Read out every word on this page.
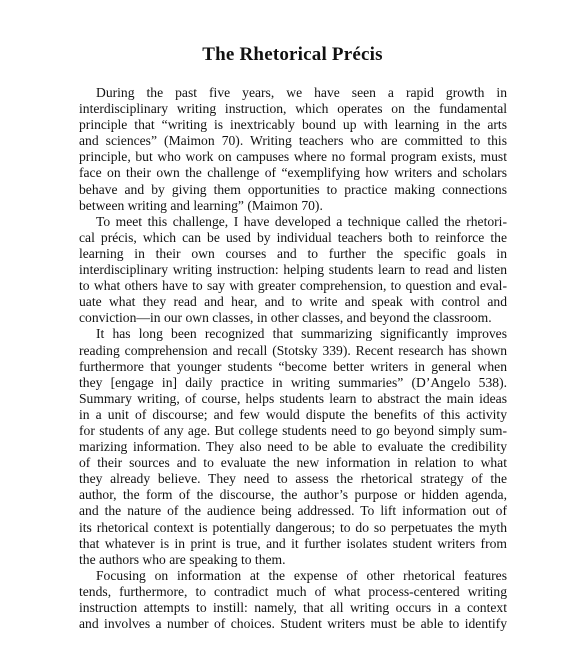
The Rhetorical Précis
During the past five years, we have seen a rapid growth in
interdisciplinary writing instruction, which operates on the fundamental
principle that “writing is inextricably bound up with learning in the arts
and sciences” (Maimon 70). Writing teachers who are committed to this
principle, but who work on campuses where no formal program exists, must
face on their own the challenge of “exemplifying how writers and scholars
behave and by giving them opportunities to practice making connections
between writing and learning” (Maimon 70).
To meet this challenge, I have developed a technique called the rhetori-
cal précis, which can be used by individual teachers both to reinforce the
learning in their own courses and to further the specific goals in
interdisciplinary writing instruction: helping students learn to read and listen
to what others have to say with greater comprehension, to question and eval-
uate what they read and hear, and to write and speak with control and
conviction—in our own classes, in other classes, and beyond the classroom.
It has long been recognized that summarizing significantly improves
reading comprehension and recall (Stotsky 339). Recent research has shown
furthermore that younger students “become better writers in general when
they [engage in] daily practice in writing summaries” (D’Angelo 538).
Summary writing, of course, helps students learn to abstract the main ideas
in a unit of discourse; and few would dispute the benefits of this activity
for students of any age. But college students need to go beyond simply sum-
marizing information. They also need to be able to evaluate the credibility
of their sources and to evaluate the new information in relation to what
they already believe. They need to assess the rhetorical strategy of the
author, the form of the discourse, the author’s purpose or hidden agenda,
and the nature of the audience being addressed. To lift information out of
its rhetorical context is potentially dangerous; to do so perpetuates the myth
that whatever is in print is true, and it further isolates student writers from
the authors who are speaking to them.
Focusing on information at the expense of other rhetorical features
tends, furthermore, to contradict much of what process-centered writing
instruction attempts to instill: namely, that all writing occurs in a context
and involves a number of choices. Student writers must be able to identify
